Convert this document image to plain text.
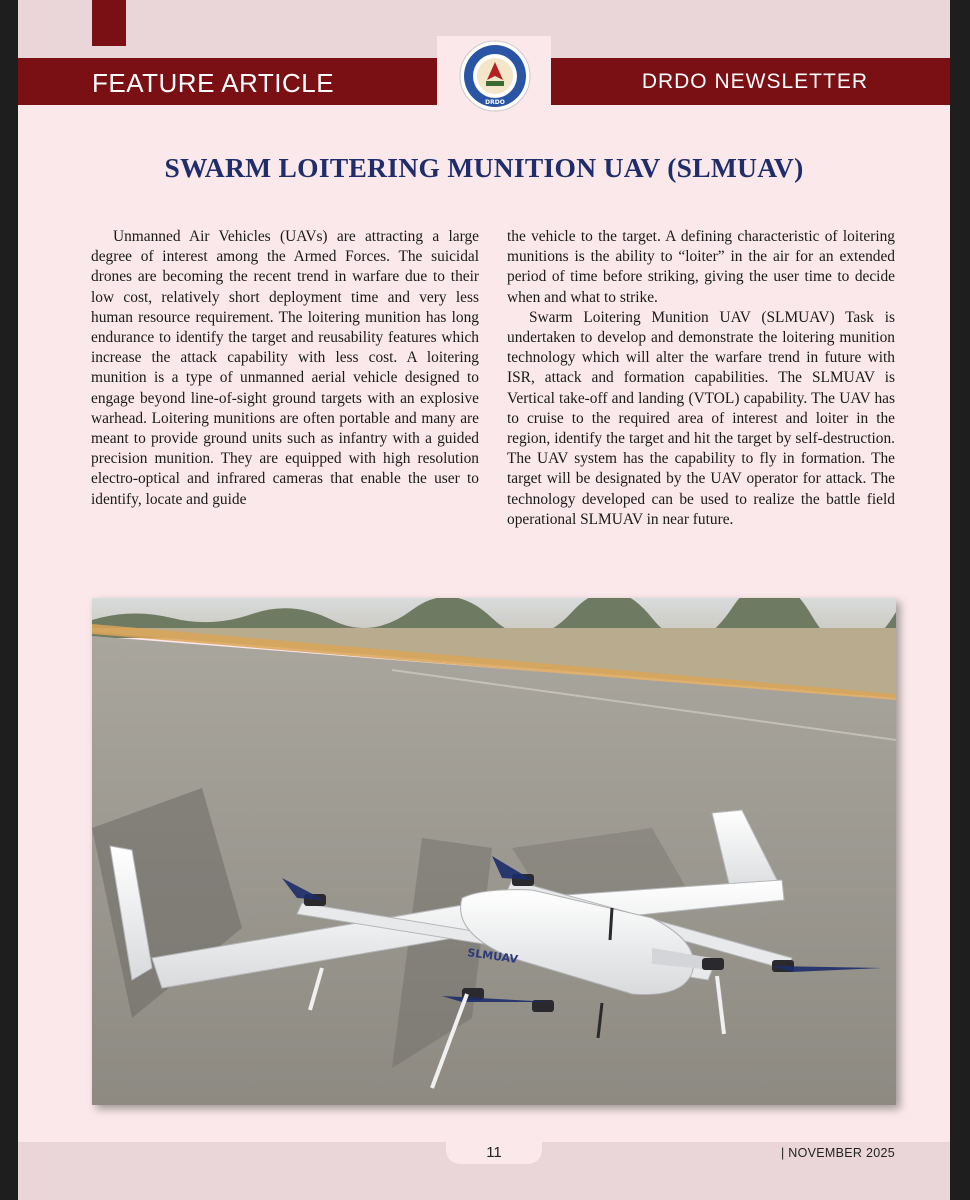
FEATURE ARTICLE	DRDO NEWSLETTER
DRDO
SWARM LOITERING MUNITION UAV (SLMUAV)

Unmanned Air Vehicles (UAVs) are attracting a large degree of interest among the Armed Forces. The suicidal drones are becoming the recent trend in warfare due to their low cost, relatively short deployment time and very less human resource requirement. The loitering munition has long endurance to identify the target and reusability features which increase the attack capability with less cost. A loitering munition is a type of unmanned aerial vehicle designed to engage beyond line-of-sight ground targets with an explosive warhead. Loitering munitions are often portable and many are meant to provide ground units such as infantry with a guided precision munition. They are equipped with high resolution electro-optical and infrared cameras that enable the user to identify, locate and guide

the vehicle to the target. A defining characteristic of loitering munitions is the ability to “loiter” in the air for an extended period of time before striking, giving the user time to decide when and what to strike.

Swarm Loitering Munition UAV (SLMUAV) Task is undertaken to develop and demonstrate the loitering munition technology which will alter the warfare trend in future with ISR, attack and formation capabilities. The SLMUAV is Vertical take-off and landing (VTOL) capability. The UAV has to cruise to the required area of interest and loiter in the region, identify the target and hit the target by self-destruction. The UAV system has the capability to fly in formation. The target will be designated by the UAV operator for attack. The technology developed can be used to realize the battle field operational SLMUAV in near future.

SLMUAV
11	| NOVEMBER 2025
